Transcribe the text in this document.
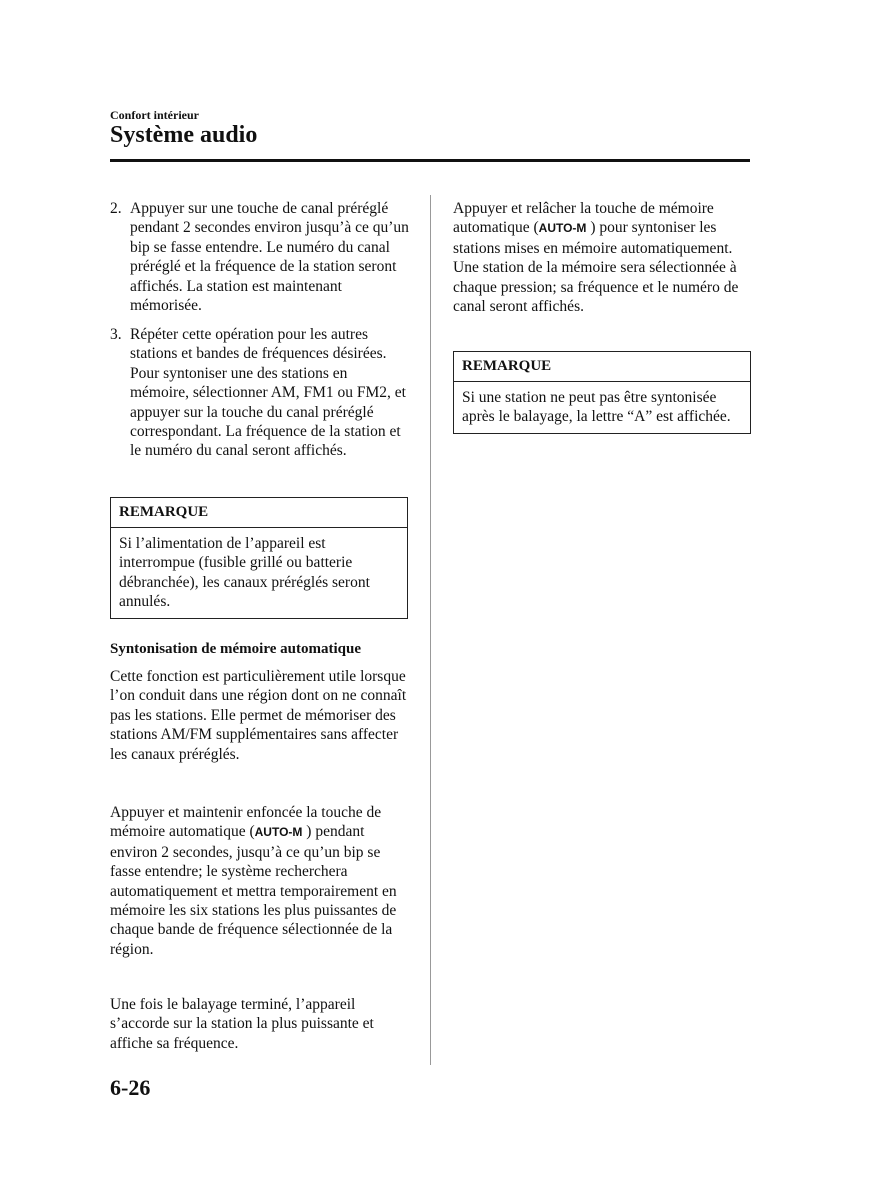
Confort intérieur
Système audio
2. Appuyer sur une touche de canal préréglé pendant 2 secondes environ jusqu’à ce qu’un bip se fasse entendre. Le numéro du canal préréglé et la fréquence de la station seront affichés. La station est maintenant mémorisée.
3. Répéter cette opération pour les autres stations et bandes de fréquences désirées. Pour syntoniser une des stations en mémoire, sélectionner AM, FM1 ou FM2, et appuyer sur la touche du canal préréglé correspondant. La fréquence de la station et le numéro du canal seront affichés.
REMARQUE
Si l’alimentation de l’appareil est interrompue (fusible grillé ou batterie débranchée), les canaux préréglés seront annulés.
Syntonisation de mémoire automatique
Cette fonction est particulièrement utile lorsque l’on conduit dans une région dont on ne connaît pas les stations. Elle permet de mémoriser des stations AM/FM supplémentaires sans affecter les canaux préréglés.
Appuyer et maintenir enfoncée la touche de mémoire automatique (AUTO-M ) pendant environ 2 secondes, jusqu’à ce qu’un bip se fasse entendre; le système recherchera automatiquement et mettra temporairement en mémoire les six stations les plus puissantes de chaque bande de fréquence sélectionnée de la région.
Une fois le balayage terminé, l’appareil s’accorde sur la station la plus puissante et affiche sa fréquence.
Appuyer et relâcher la touche de mémoire automatique (AUTO-M ) pour syntoniser les stations mises en mémoire automatiquement. Une station de la mémoire sera sélectionnée à chaque pression; sa fréquence et le numéro de canal seront affichés.
REMARQUE
Si une station ne peut pas être syntonisée après le balayage, la lettre “A” est affichée.
6-26
